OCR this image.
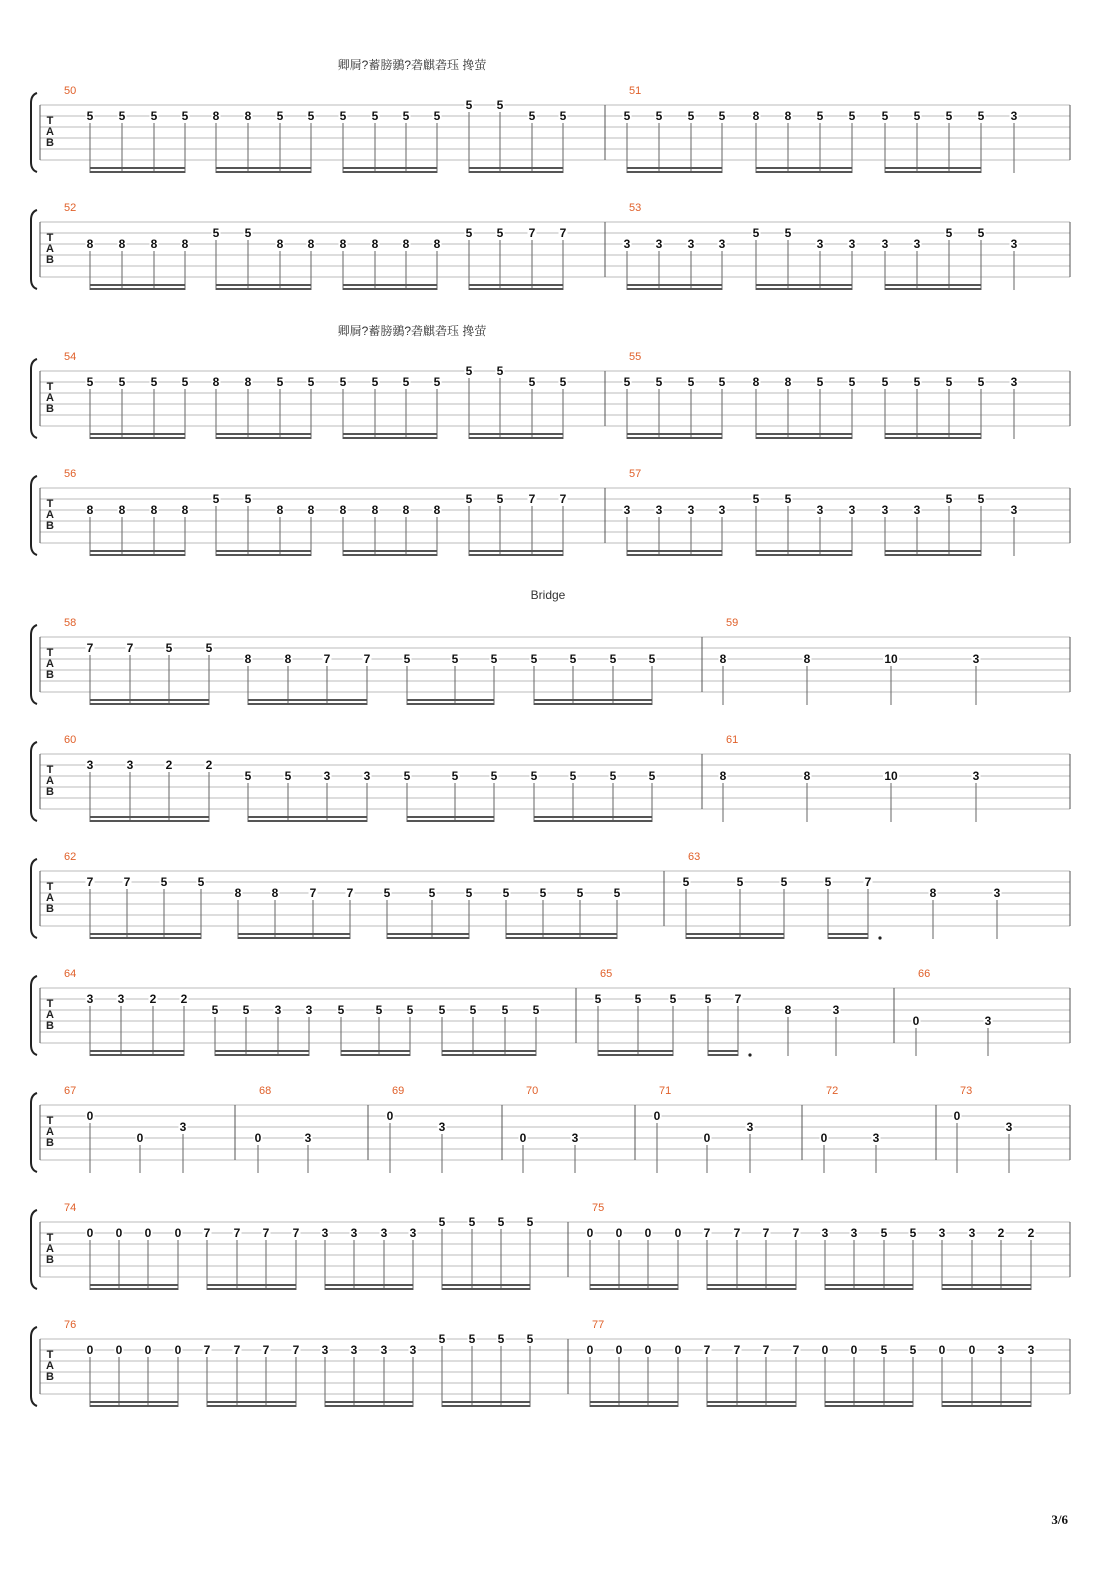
T
A
B
50
5 5 5 5 8 8 5 5 5 5 5 5
5 5
5 5
51
5 5 5 5 8 8 5 5 5 5 5 5 3
T
A
B
52
8 8 8 8
5 5
8 8 8 8 8 8
5 5 7 7
53
3 3 3 3
5 5
3 3 3 3
5 5
3
T
A
B
54
5 5 5 5 8 8 5 5 5 5 5 5
5 5
5 5
55
5 5 5 5 8 8 5 5 5 5 5 5 3
T
A
B
56
8 8 8 8
5 5
8 8 8 8 8 8
5 5 7 7
57
3 3 3 3
5 5
3 3 3 3
5 5
3
T
A
B
58
7	7	5	5
8	8	7	7	5	5	5	5	5	5	5
59
8	8	10	3
T
A
B
60
3	3	2	2
5	5	3	3	5	5	5	5	5	5	5
61
8	8	10	3
T
A
B
62
7	7	5	5
8	8	7	7	5	5	5	5	5	5	5
63
5	5	5	5	7
8	3
T
A
B
64
3 3 2 2
5 5 3 3 5	5 5 5 5 5 5
65
5	5 5 5 7
8	3
66
0	3
T
A
B
67
0
0
3
68
0	3
69
0
3
70
0	3
71
0
0
3
72
0	3
73
0
3
T
A
B
74
0 0 0 0 7 7 7 7 3 3 3 3
5 5 5 5
75
0 0 0 0 7 7 7 7 3 3 5 5 3 3 2 2
T
A
B
76
0 0 0 0 7 7 7 7 3 3 3 3
5 5 5 5
77
0 0 0 0 7 7 7 7 0 0 5 5 0 0 3 3
卿屙?蓄膀鶸?砻麒砻珏 搀萤
卿屙?蓄膀鶸?砻麒砻珏 搀萤
Bridge
3/6
